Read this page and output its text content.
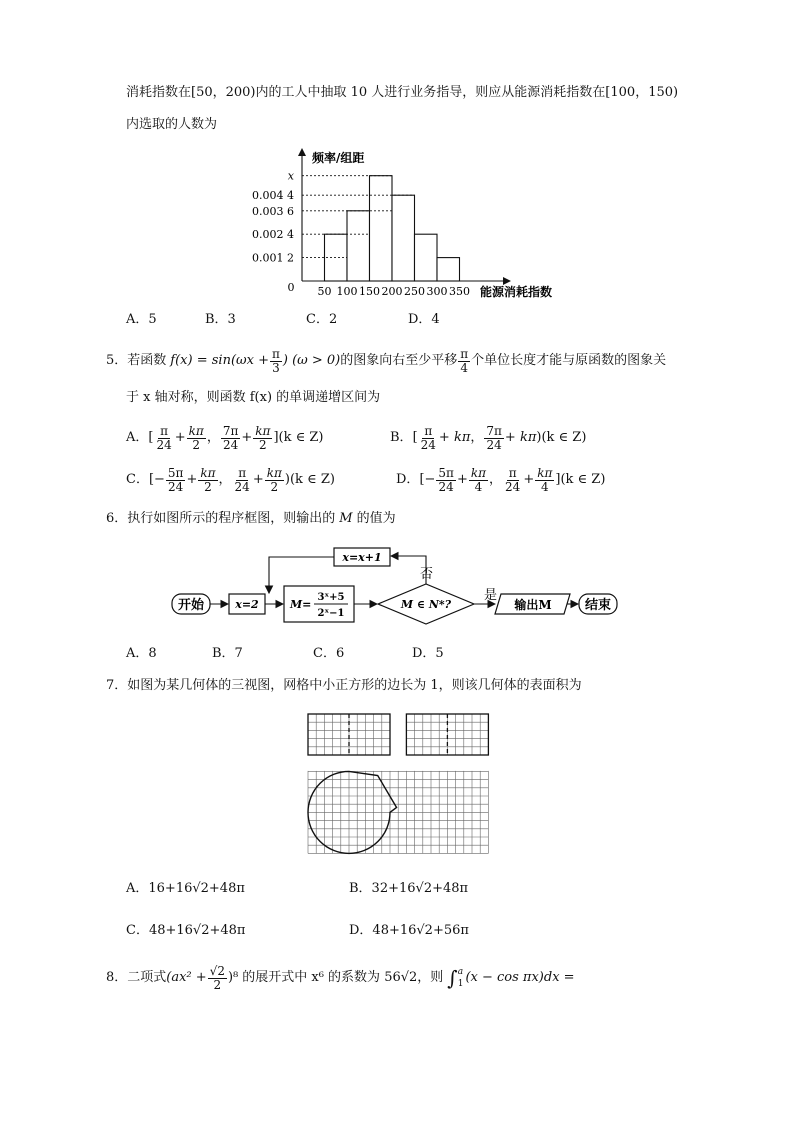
消耗指数在[50，200)内的工人中抽取 10 人进行业务指导，则应从能源消耗指数在[100，150)
内选取的人数为
0.001 2
0.002 4
0.003 6
0.004 4
x
50 100 150 200 250 300 350
0
频率/组距
能源消耗指数
A．5	B．3	C．2	D．4
5． 若函数 $f(x) = \sin(\omega x + \frac{\pi}{3}$ ) (ω > 0) 的图象向右至少平移 $\frac{\pi}{4}$ 个单位长度才能与原函数的图象关
于 x 轴对称，则函数 f(x) 的单调递增区间为
A． [ $\frac{\pi}{24} + \frac{k\pi}{2}$ ， $\frac{7\pi}{24} + \frac{k\pi}{2} ](k$ ∈ Z)	B． [ $\frac{\pi}{24} + k\pi$ ， $\frac{7\pi}{24} + k\pi$ )(k ∈ Z)
C． [− $\frac{5\pi}{24} + \frac{k\pi}{2}$ ， $\frac{\pi}{24} + \frac{k\pi}{2} )(k$ ∈ Z)	D． [− $\frac{5\pi}{24} + \frac{k\pi}{4}$ ， $\frac{\pi}{24} + \frac{k\pi}{4} ](k$ ∈ Z)
6．执行如图所示的程序框图，则输出的 M 的值为
开始	x=2	M=
3ˣ+5
2ˣ−1
M ∈ N*?
否
是
输出M	结束
x=x+1
A．8	B．7	C．6	D．5
7．如图为某几何体的三视图，网格中小正方形的边长为 1，则该几何体的表面积为
A．16+16√2+48π	B．32+16√2+48π
C．48+16√2+48π	D．48+16√2+56π
8．二项式 $(ax^2 + \frac{√2}{2} )^8$ 的展开式中 x⁶ 的系数为 56√2，则 ∫ a
1 (x − cos πx)dx =
